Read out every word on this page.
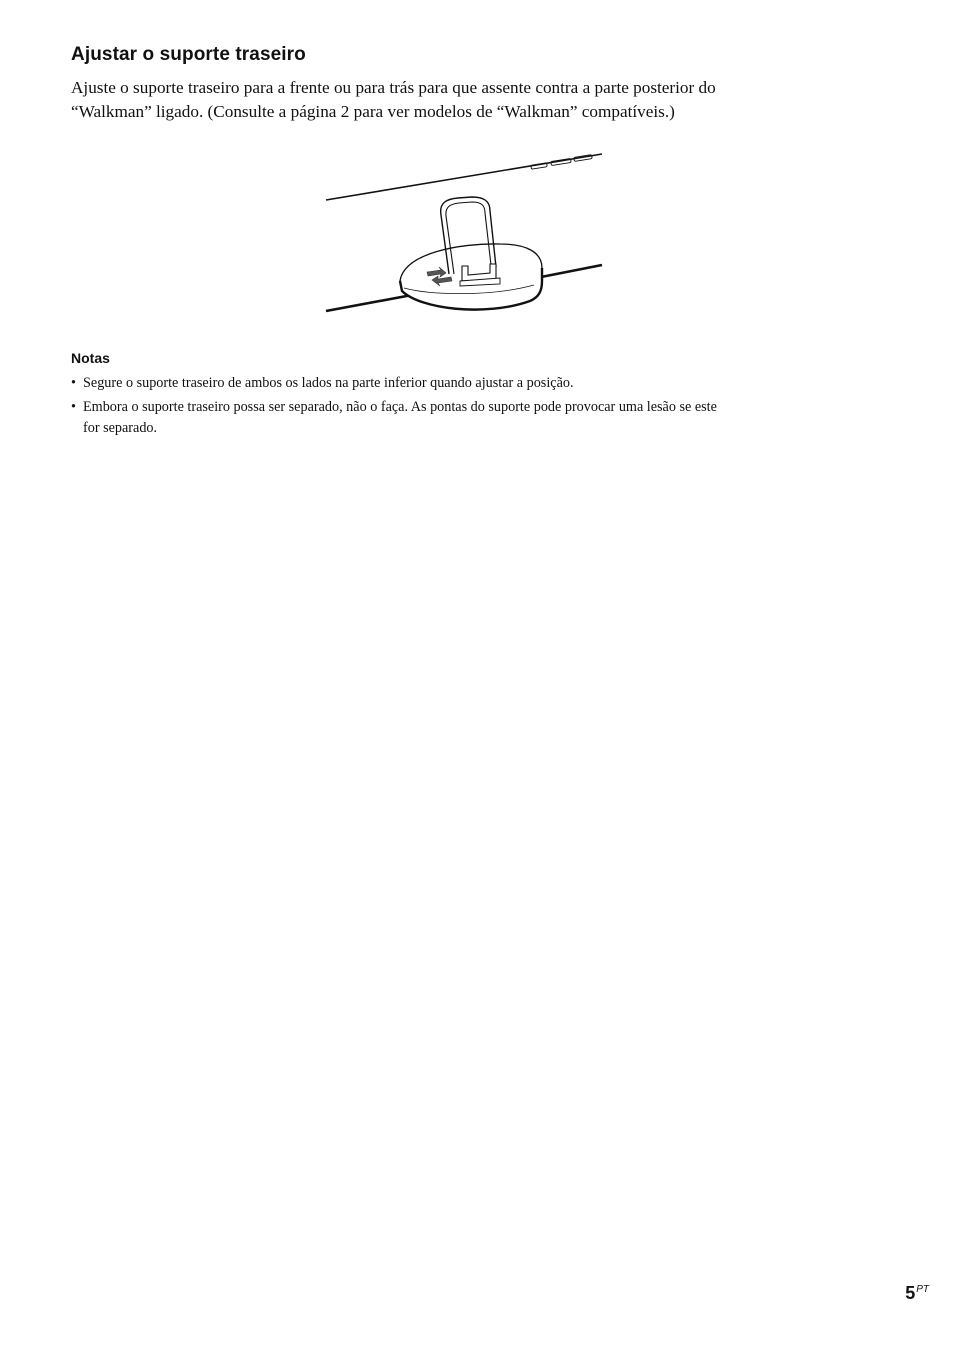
Ajustar o suporte traseiro

Ajuste o suporte traseiro para a frente ou para trás para que assente contra a parte posterior do
“Walkman” ligado. (Consulte a página 2 para ver modelos de “Walkman” compatíveis.)

Notas
• Segure o suporte traseiro de ambos os lados na parte inferior quando ajustar a posição.
• Embora o suporte traseiro possa ser separado, não o faça. As pontas do suporte pode provocar uma lesão se este
for separado.
$5^{PT}$
